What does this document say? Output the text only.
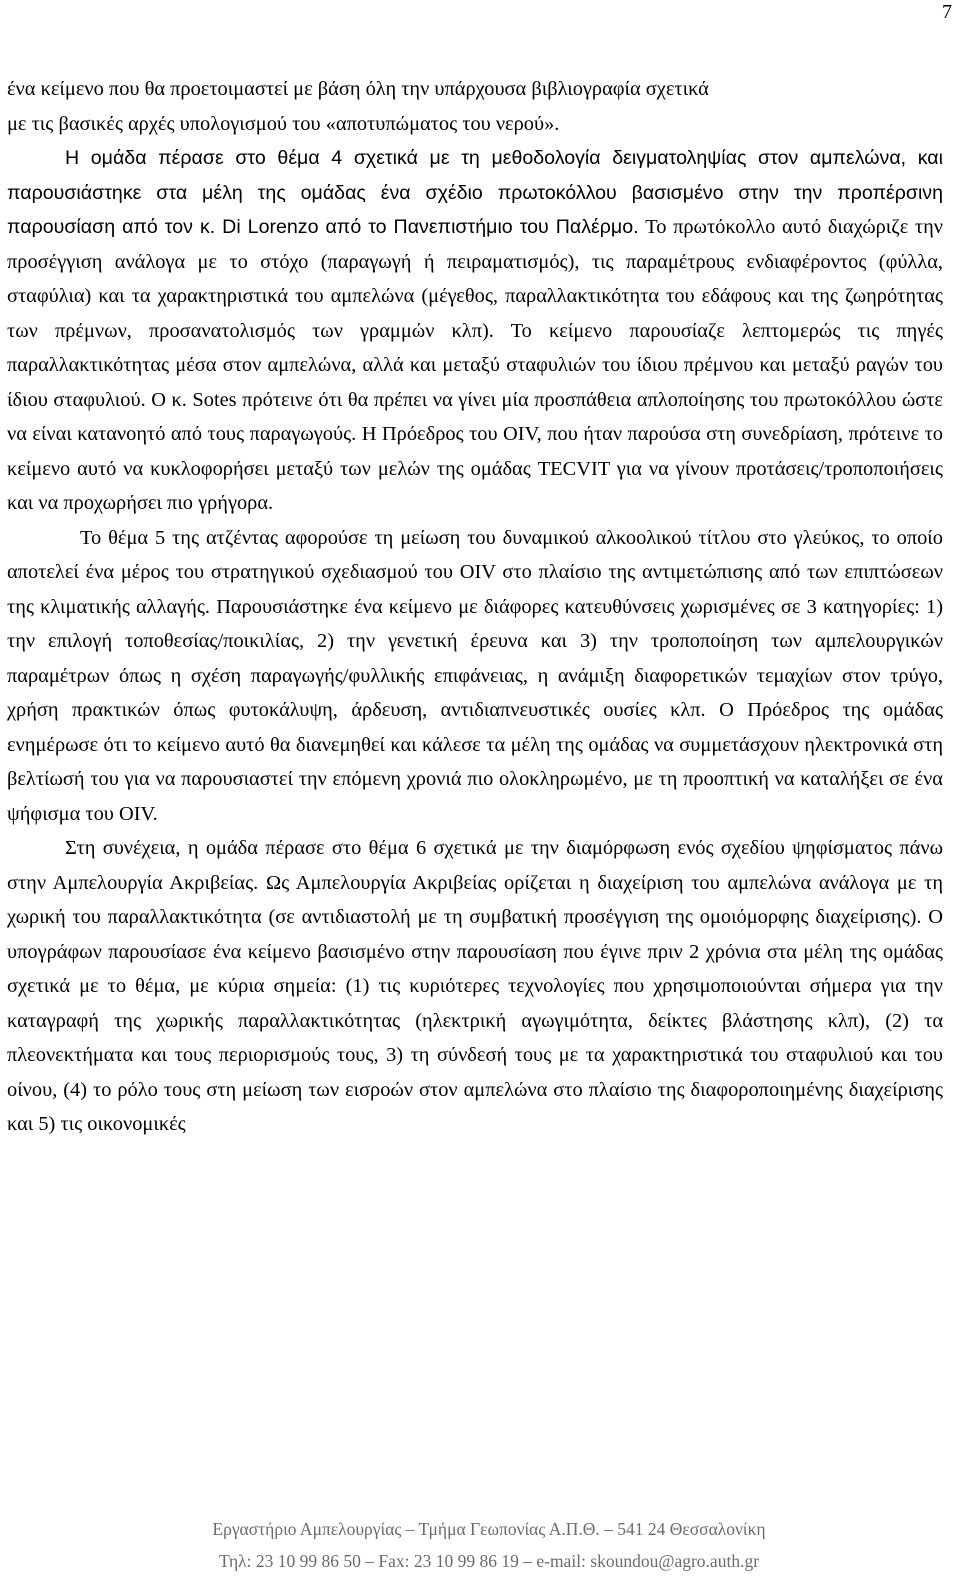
7
ένα κείμενο που θα προετοιμαστεί με βάση όλη την υπάρχουσα βιβλιογραφία σχετικά
με τις βασικές αρχές υπολογισμού του «αποτυπώματος του νερού».
Η ομάδα πέρασε στο θέμα 4 σχετικά με τη μεθοδολογία δειγματοληψίας στον αμπελώνα, και παρουσιάστηκε στα μέλη της ομάδας ένα σχέδιο πρωτοκόλλου βασισμένο στην την προπέρσινη παρουσίαση από τον κ. Di Lorenzo από το Πανεπιστήμιο του Παλέρμο. Το πρωτόκολλο αυτό διαχώριζε την προσέγγιση ανάλογα με το στόχο (παραγωγή ή πειραματισμός), τις παραμέτρους ενδιαφέροντος (φύλλα, σταφύλια) και τα χαρακτηριστικά του αμπελώνα (μέγεθος, παραλλακτικότητα του εδάφους και της ζωηρότητας των πρέμνων, προσανατολισμός των γραμμών κλπ). Το κείμενο παρουσίαζε λεπτομερώς τις πηγές παραλλακτικότητας μέσα στον αμπελώνα, αλλά και μεταξύ σταφυλιών του ίδιου πρέμνου και μεταξύ ραγών του ίδιου σταφυλιού. Ο κ. Sotes πρότεινε ότι θα πρέπει να γίνει μία προσπάθεια απλοποίησης του πρωτοκόλλου ώστε να είναι κατανοητό από τους παραγωγούς. Η Πρόεδρος του OIV, που ήταν παρούσα στη συνεδρίαση, πρότεινε το κείμενο αυτό να κυκλοφορήσει μεταξύ των μελών της ομάδας TECVIT για να γίνουν προτάσεις/τροποποιήσεις και να προχωρήσει πιο γρήγορα.
Το θέμα 5 της ατζέντας αφορούσε τη μείωση του δυναμικού αλκοολικού τίτλου στο γλεύκος, το οποίο αποτελεί ένα μέρος του στρατηγικού σχεδιασμού του OIV στο πλαίσιο της αντιμετώπισης από των επιπτώσεων της κλιματικής αλλαγής. Παρουσιάστηκε ένα κείμενο με διάφορες κατευθύνσεις χωρισμένες σε 3 κατηγορίες: 1) την επιλογή τοποθεσίας/ποικιλίας, 2) την γενετική έρευνα και 3) την τροποποίηση των αμπελουργικών παραμέτρων όπως η σχέση παραγωγής/φυλλικής επιφάνειας, η ανάμιξη διαφορετικών τεμαχίων στον τρύγο, χρήση πρακτικών όπως φυτοκάλυψη, άρδευση, αντιδιαπνευστικές ουσίες κλπ. Ο Πρόεδρος της ομάδας ενημέρωσε ότι το κείμενο αυτό θα διανεμηθεί και κάλεσε τα μέλη της ομάδας να συμμετάσχουν ηλεκτρονικά στη βελτίωσή του για να παρουσιαστεί την επόμενη χρονιά πιο ολοκληρωμένο, με τη προοπτική να καταλήξει σε ένα ψήφισμα του OIV.
Στη συνέχεια, η ομάδα πέρασε στο θέμα 6 σχετικά με την διαμόρφωση ενός σχεδίου ψηφίσματος πάνω στην Αμπελουργία Ακριβείας. Ως Αμπελουργία Ακριβείας ορίζεται η διαχείριση του αμπελώνα ανάλογα με τη χωρική του παραλλακτικότητα (σε αντιδιαστολή με τη συμβατική προσέγγιση της ομοιόμορφης διαχείρισης). Ο υπογράφων παρουσίασε ένα κείμενο βασισμένο στην παρουσίαση που έγινε πριν 2 χρόνια στα μέλη της ομάδας σχετικά με το θέμα, με κύρια σημεία: (1) τις κυριότερες τεχνολογίες που χρησιμοποιούνται σήμερα για την καταγραφή της χωρικής παραλλακτικότητας (ηλεκτρική αγωγιμότητα, δείκτες βλάστησης κλπ), (2) τα πλεονεκτήματα και τους περιορισμούς τους, 3) τη σύνδεσή τους με τα χαρακτηριστικά του σταφυλιού και του οίνου, (4) το ρόλο τους στη μείωση των εισροών στον αμπελώνα στο πλαίσιο της διαφοροποιημένης διαχείρισης και 5) τις οικονομικές
Εργαστήριο Αμπελουργίας – Τμήμα Γεωπονίας Α.Π.Θ. – 541 24 Θεσσαλονίκη
Τηλ: 23 10 99 86 50 – Fax: 23 10 99 86 19 – e-mail: skoundou@agro.auth.gr
